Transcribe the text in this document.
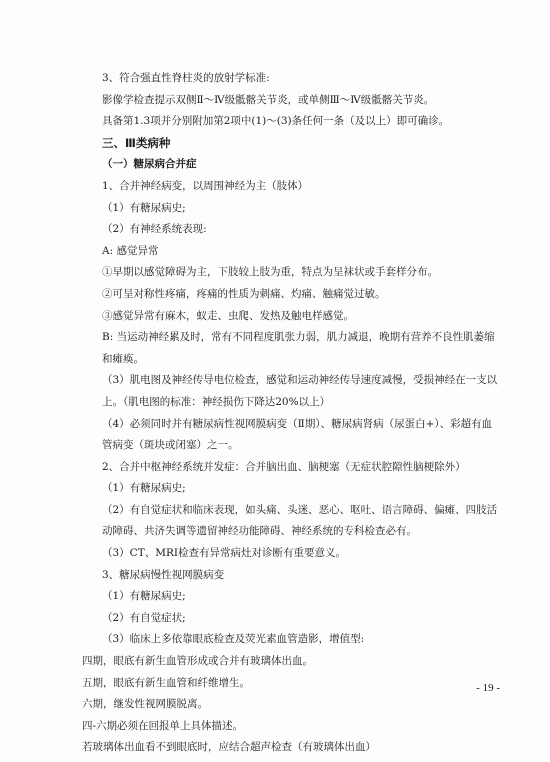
3、符合强直性脊柱炎的放射学标准:
影像学检查提示双侧Ⅱ～Ⅳ级骶髂关节炎，或单侧Ⅲ～Ⅳ级骶髂关节炎。
具备第1.3项并分别附加第2项中(1)～(3)条任何一条（及以上）即可确诊。
三、Ⅲ类病种
（一）糖尿病合并症
1、合并神经病变，以周围神经为主（肢体）
（1）有糖尿病史;
（2）有神经系统表现:
A: 感觉异常
①早期以感觉障碍为主，下肢较上肢为重，特点为呈袜状或手套样分布。
②可呈对称性疼痛，疼痛的性质为刺痛、灼痛、触痛觉过敏。
③感觉异常有麻木，蚁走、虫爬、发热及触电样感觉。
B: 当运动神经累及时，常有不同程度肌张力弱，肌力减退，晚期有营养不良性肌萎缩和瘫痪。
（3）肌电图及神经传导电位检查，感觉和运动神经传导速度减慢，受损神经在一支以上。（肌电图的标准：神经损伤下降达20%以上）
（4）必须同时并有糖尿病性视网膜病变（Ⅱ期）、糖尿病肾病（尿蛋白+）、彩超有血管病变（斑块或闭塞）之一。
2、合并中枢神经系统并发症：合并脑出血、脑梗塞（无症状腔隙性脑梗除外）
（1）有糖尿病史;
（2）有自觉症状和临床表现，如头痛、头迷、恶心、呕吐、语言障碍、偏瘫、四肢活动障碍、共济失调等遗留神经功能障碍、神经系统的专科检查必有。
（3）CT、MRI检查有异常病灶对诊断有重要意义。
3、糖尿病慢性视网膜病变
（1）有糖尿病史;
（2）有自觉症状;
（3）临床上多依靠眼底检查及荧光素血管造影，增值型:
四期，眼底有新生血管形成或合并有玻璃体出血。
五期，眼底有新生血管和纤维增生。
六期，继发性视网膜脱离。
四-六期必须在回报单上具体描述。
若玻璃体出血看不到眼底时，应结合超声检查（有玻璃体出血）
- 19 -
